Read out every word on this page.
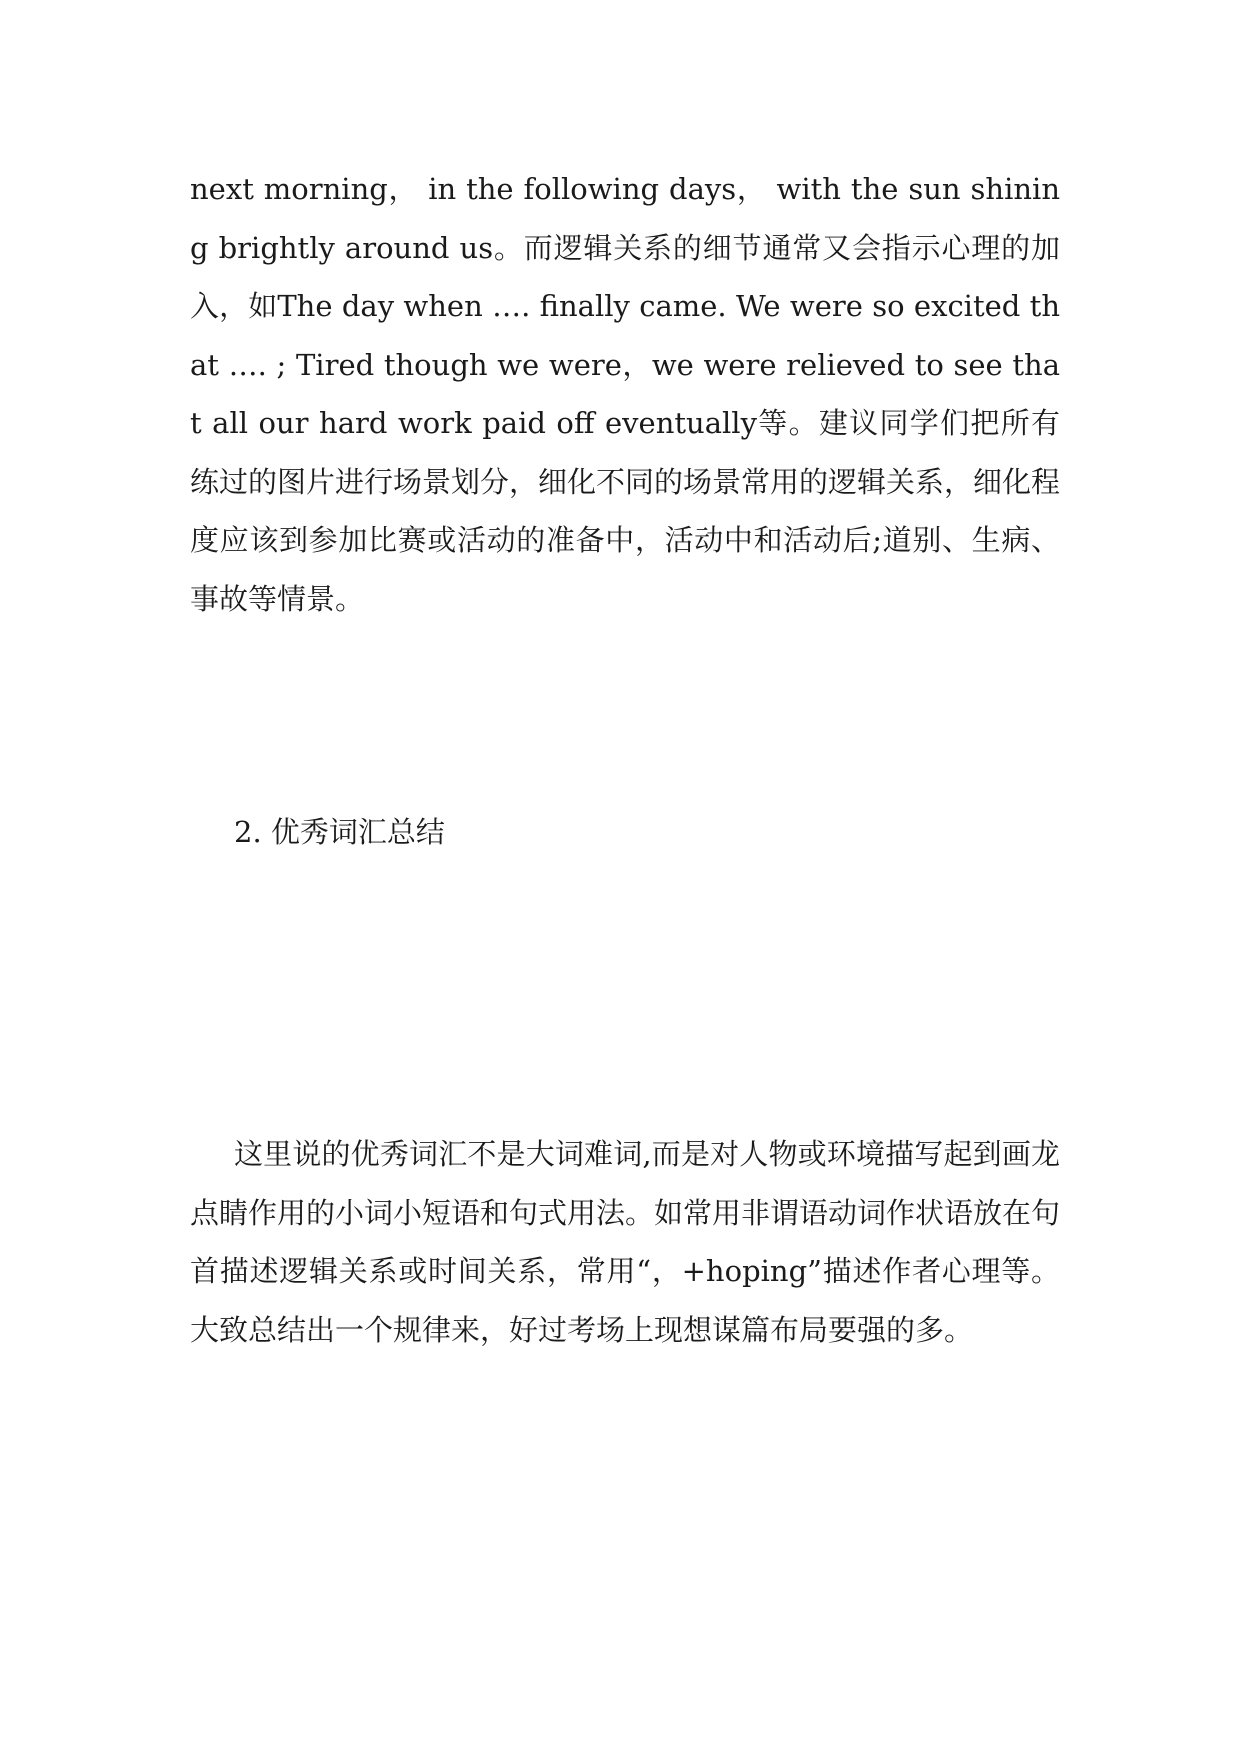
next morning， in the following days， with the sun shining brightly around us。而逻辑关系的细节通常又会指示心理的加入，如The day when …. finally came. We were so excited that …. ; Tired though we were，we were relieved to see that all our hard work paid off eventually等。建议同学们把所有练过的图片进行场景划分，细化不同的场景常用的逻辑关系，细化程度应该到参加比赛或活动的准备中，活动中和活动后;道别、生病、事故等情景。

2. 优秀词汇总结

这里说的优秀词汇不是大词难词,而是对人物或环境描写起到画龙点睛作用的小词小短语和句式用法。如常用非谓语动词作状语放在句首描述逻辑关系或时间关系，常用“，+hoping”描述作者心理等。大致总结出一个规律来，好过考场上现想谋篇布局要强的多。
